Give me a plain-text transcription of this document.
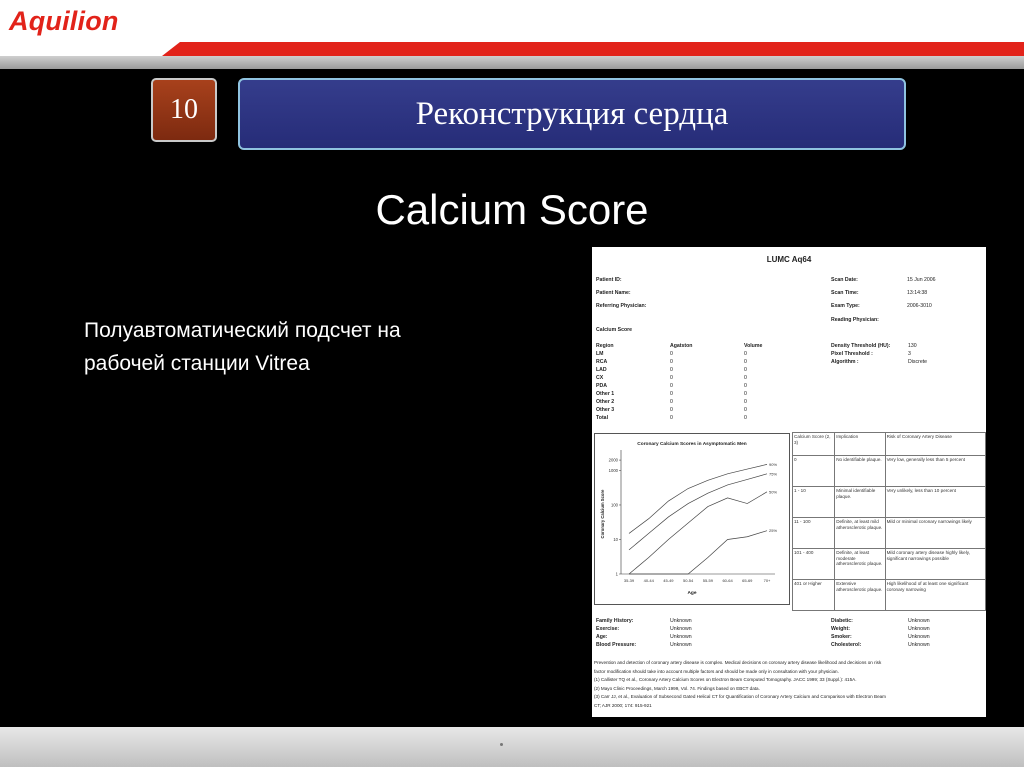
Aquilion
10	Реконструкция сердца
Calcium Score
Полуавтоматический подсчет на
рабочей станции Vitrea
LUMC Aq64
Patient ID:
Patient Name:
Referring Physician:
Scan Date:	15 Jun 2006
Scan Time:	13:14:38
Exam Type:	2006-3010
Reading Physician:
Calcium Score
Region	Agatston	Volume
LM	0	0
RCA	0	0
LAD	0	0
CX	0	0
PDA	0	0
Other 1	0	0
Other 2	0	0
Other 3	0	0
Total	0	0
Density Threshold (HU):	130
Pixel Threshold :	3
Algorithm :	Discrete
Coronary Calcium Scores in Asymptomatic Men
1
10
100
1000
2000
35-39 40-44 45-49 50-54 55-59 60-64 65-69	70+
Age
Coronary Calcium Score
90%
75%
50%
25%
Calcium Score (2, 3)	Implication	Risk of Coronary Artery Disease
0	No identifiable plaque.	Very low, generally less than 5 percent
1 - 10	Minimal identifiable plaque.	Very unlikely, less than 10 percent
11 - 100	Definite, at least mild atherosclerotic plaque.	Mild or minimal coronary narrowings likely
101 - 400	Definite, at least moderate atherosclerotic plaque.	Mild coronary artery disease highly likely, significant narrowings possible
401 or Higher	Extensive atherosclerotic plaque.	High likelihood of at least one significant coronary narrowing
Family History:	Unknown
Exercise:	Unknown
Age:	Unknown
Blood Pressure:	Unknown
Diabetic:	Unknown
Weight:	Unknown
Smoker:	Unknown
Cholesterol:	Unknown
Prevention and detection of coronary artery disease is complex. Medical decisions on coronary artery disease likelihood and decisions on risk
factor modification should take into account multiple factors and should be made only in consultation with your physician.
(1) Callister TQ et al., Coronary Artery Calcium Scores on Electron Beam Computed Tomography. JACC 1999; 33 (Suppl.): 415A.
(2) Mayo Clinic Proceedings, March 1999, Vol. 74. Findings based on EBCT data.
(3) Carr JJ, et al., Evaluation of Subsecond Gated Helical CT for Quantification of Coronary Artery Calcium and Comparison with Electron Beam
CT; AJR 2000; 174: 915-921
